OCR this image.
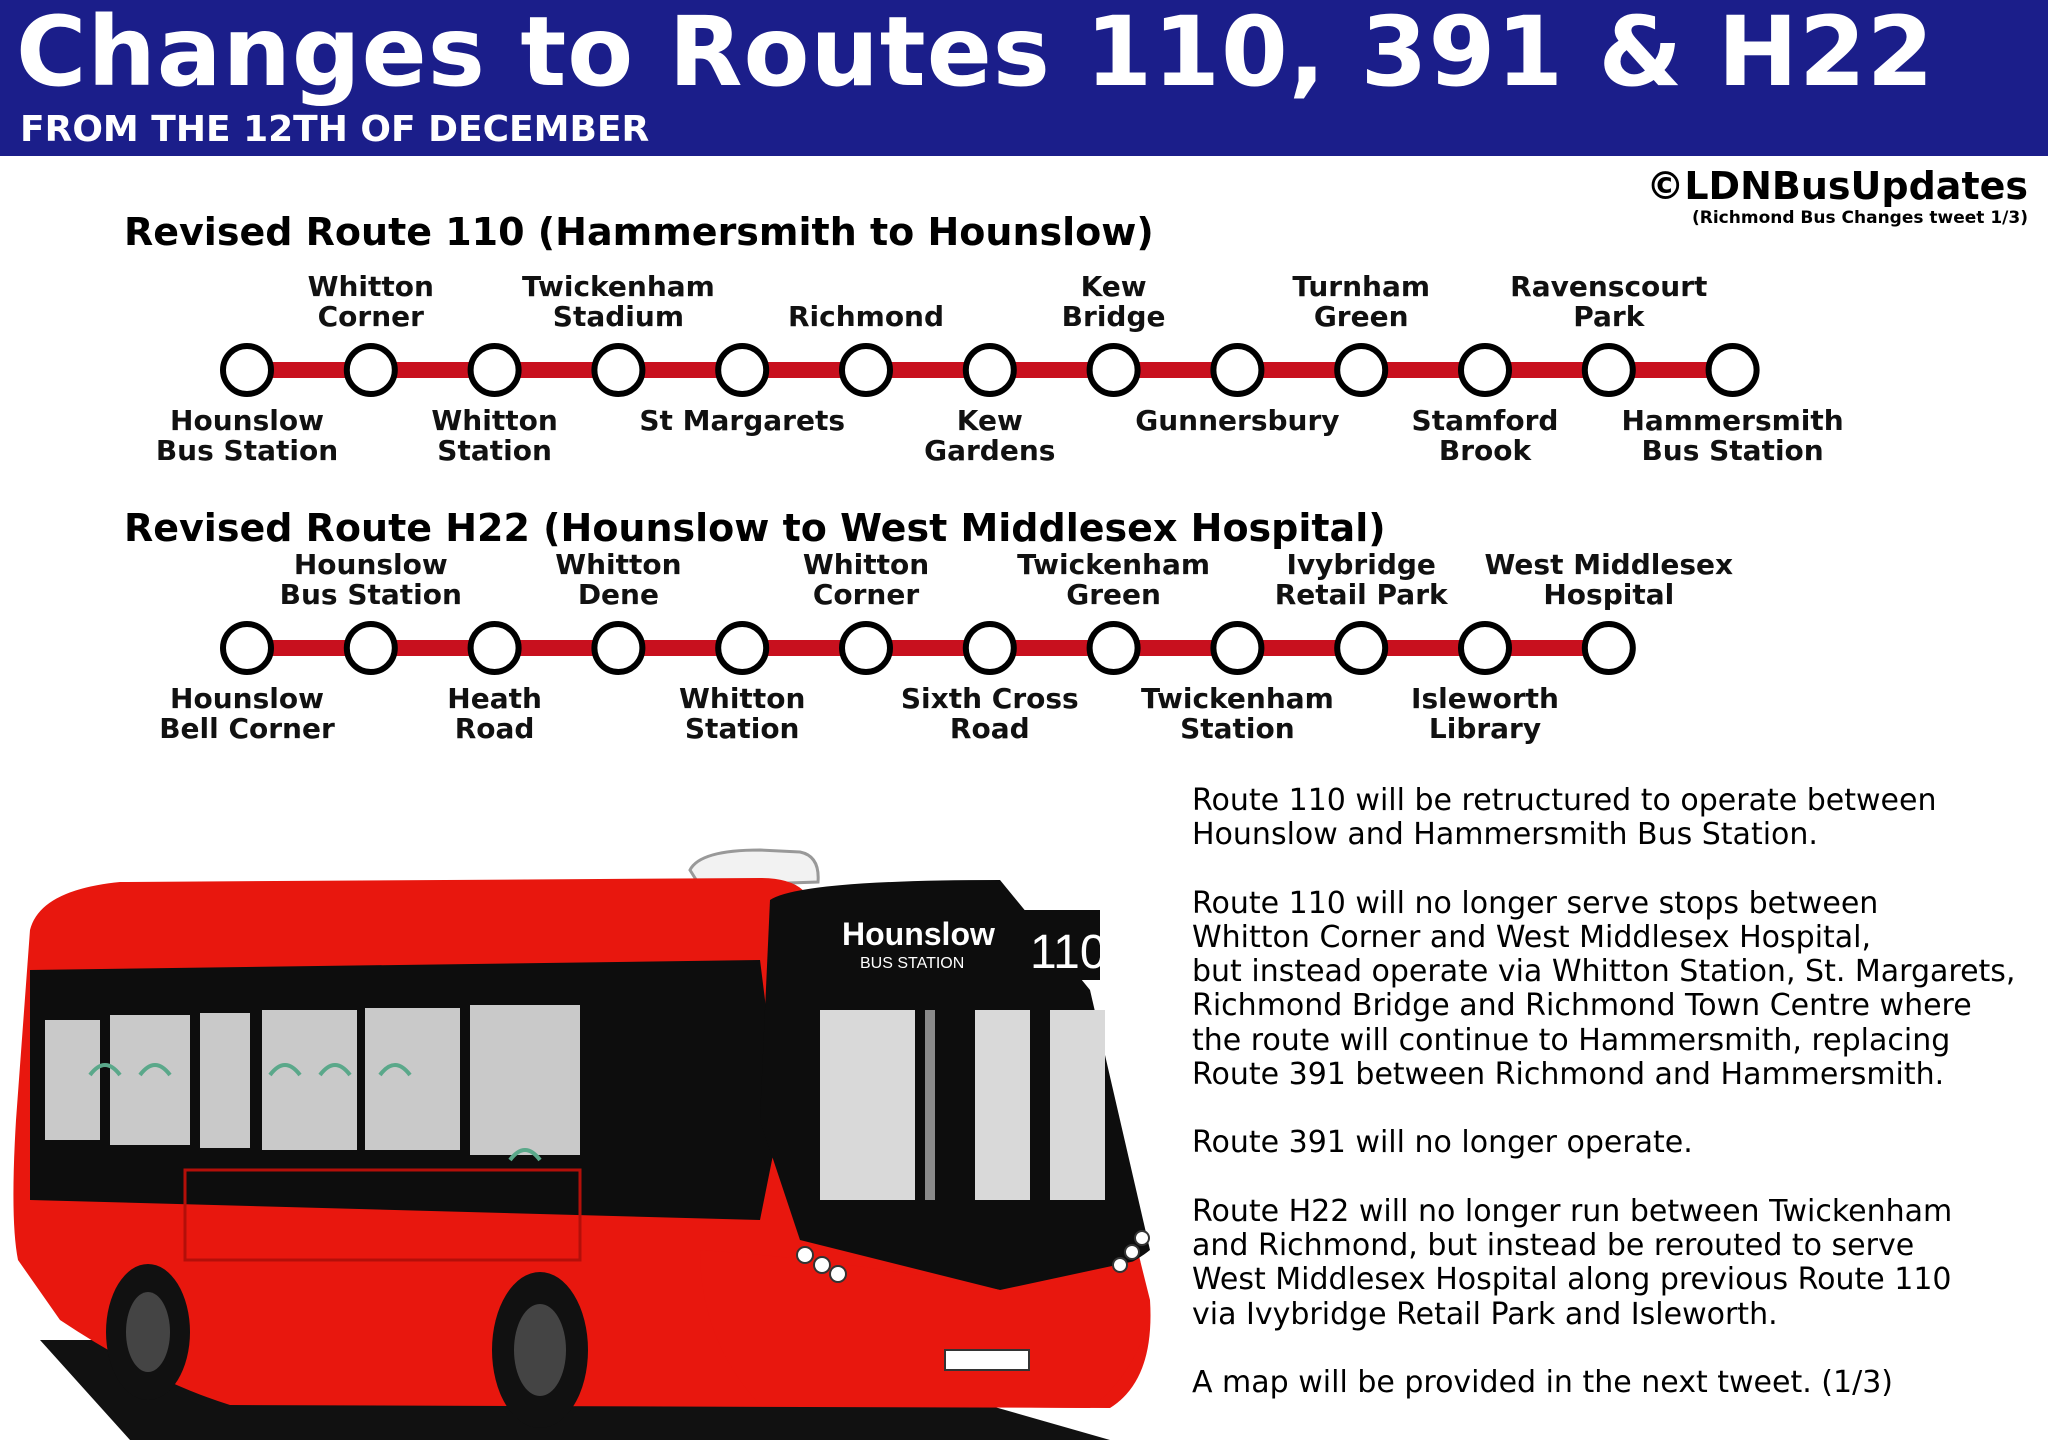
Changes to Routes 110, 391 & H22
FROM THE 12TH OF DECEMBER
©LDNBusUpdates
(Richmond Bus Changes tweet 1/3)
Revised Route 110 (Hammersmith to Hounslow)
Hounslow Bus Station
Whitton Corner
Whitton Station
Twickenham Stadium
St Margarets
Richmond
Kew Gardens
Kew Bridge
Gunnersbury
Turnham Green
Stamford Brook
Ravenscourt Park
Hammersmith Bus Station
Revised Route H22 (Hounslow to West Middlesex Hospital)
Hounslow Bell Corner
Hounslow Bus Station
Heath Road
Whitton Dene
Whitton Station
Whitton Corner
Sixth Cross Road
Twickenham Green
Twickenham Station
Ivybridge Retail Park
Isleworth Library
West Middlesex Hospital

Route 110 will be retructured to operate between
Hounslow and Hammersmith Bus Station.

Route 110 will no longer serve stops between
Whitton Corner and West Middlesex Hospital,
but instead operate via Whitton Station, St. Margarets,
Richmond Bridge and Richmond Town Centre where
the route will continue to Hammersmith, replacing
Route 391 between Richmond and Hammersmith.

Route 391 will no longer operate.

Route H22 will no longer run between Twickenham
and Richmond, but instead be rerouted to serve
West Middlesex Hospital along previous Route 110
via Ivybridge Retail Park and Isleworth.

A map will be provided in the next tweet. (1/3)

Hounslow
BUS STATION 110
